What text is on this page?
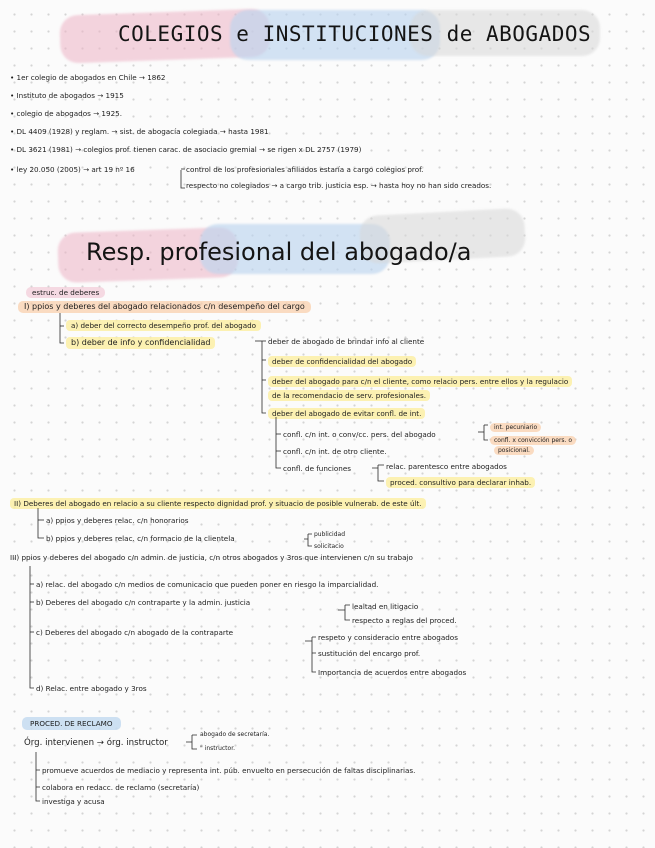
COLEGIOS e INSTITUCIONES de ABOGADOS
• 1er colegio de abogados en Chile → 1862
• Instituto de abogados → 1915
• colegio de abogados → 1925.
• DL 4409 (1928) y reglam. → sist. de abogacía colegiada → hasta 1981
• DL 3621 (1981) → colegios prof. tienen carac. de asociacio gremial → se rigen x DL 2757 (1979)
• ley 20.050 (2005) → art 19 nº 16	control de los profesionales afiliados estaría a cargo colegios prof.
respecto no colegiados → a cargo trib. justicia esp. → hasta hoy no han sido creados.
Resp. profesional del abogado/a
estruc. de deberes
I) ppios y deberes del abogado relacionados c/n desempeño del cargo
a) deber del correcto desempeño prof. del abogado
b) deber de info y confidencialidad	deber de abogado de brindar info al cliente
deber de confidencialidad del abogado
deber del abogado para c/n el cliente, como relacio pers. entre ellos y la regulacio
de la recomendacio de serv. profesionales.
deber del abogado de evitar confl. de int.
confl. c/n int. o conv/cc. pers. del abogado
int. pecuniario
confl. x convicción pers. o
posicional.
confl. c/n int. de otro cliente.
confl. de funciones	relac. parentesco entre abogados
proced. consultivo para declarar inhab.
II) Deberes del abogado en relacio a su cliente respecto dignidad prof. y situacio de posible vulnerab. de este últ.
a) ppios y deberes relac. c/n honorarios
b) ppios y deberes relac. c/n formacio de la clientela	publicidad
solicitacio
III) ppios y deberes del abogado c/n admin. de justicia, c/n otros abogados y 3ros que intervienen c/n su trabajo
a) relac. del abogado c/n medios de comunicacio que pueden poner en riesgo la imparcialidad.
b) Deberes del abogado c/n contraparte y la admin. justicia	lealtad en litigacio
respecto a reglas del proced.
c) Deberes del abogado c/n abogado de la contraparte
respeto y consideracio entre abogados
sustitución del encargo prof.
Importancia de acuerdos entre abogados
d) Relac. entre abogado y 3ros
PROCED. DE RECLAMO
Órg. intervienen → órg. instructor
abogado de secretaría.
" instructor.
promueve acuerdos de mediacio y representa int. púb. envuelto en persecución de faltas disciplinarias.
colabora en redacc. de reclamo (secretaría)
investiga y acusa
